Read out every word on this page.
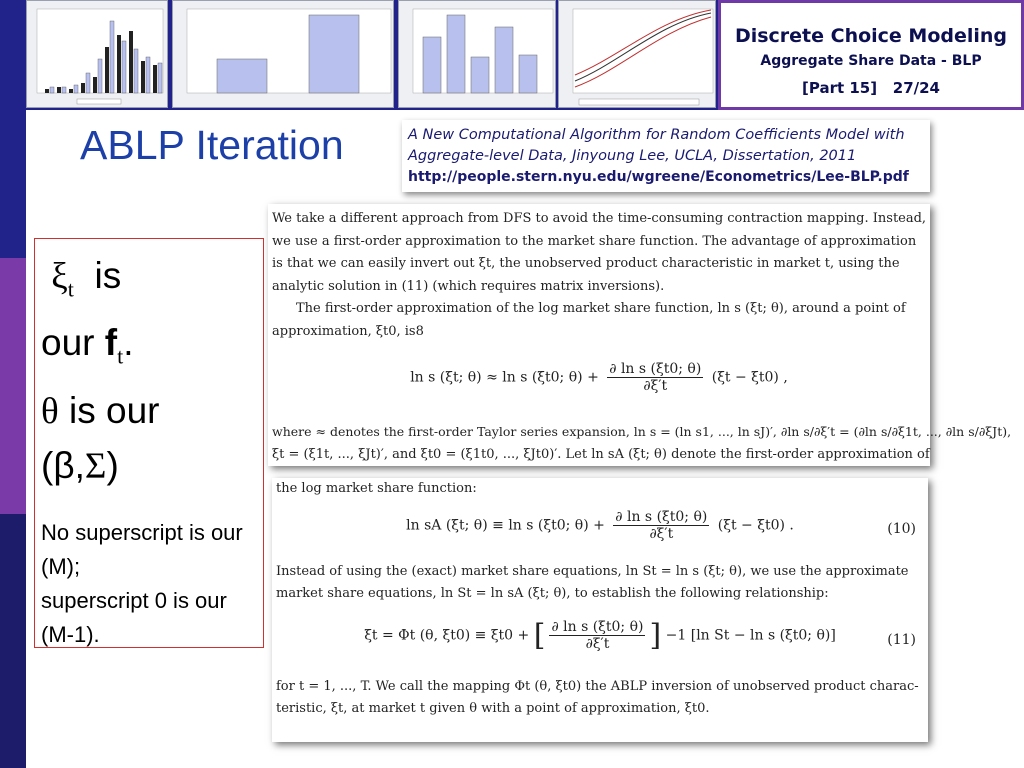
Discrete Choice Modeling
Aggregate Share Data - BLP
[Part 15] 27/24
ABLP Iteration	A New Computational Algorithm for Random Coefficients Model with
Aggregate-level Data, Jinyoung Lee, UCLA, Dissertation, 2011
http://people.stern.nyu.edu/wgreene/Econometrics/Lee-BLP.pdf
$\xi_t$ is
our $f_t$.
θ is our
(β,Σ)
No superscript is our (M);
superscript 0 is our (M-1).
We take a different approach from DFS to avoid the time-consuming contraction mapping. Instead,
we use a first-order approximation to the market share function. The advantage of approximation
is that we can easily invert out ξt, the unobserved product characteristic in market t, using the
analytic solution in (11) (which requires matrix inversions).
The first-order approximation of the log market share function, ln s (ξt; θ), around a point of
approximation, ξt0, is8
ln s (ξt; θ) ≈ ln s (ξt0; $\theta) + \frac{\text{∂ ln s (ξt0; θ)}}{\partial\xi't} (\xi t - \xi t0)$ ,
where ≈ denotes the first-order Taylor series expansion, ln s = (ln s1, ..., ln sJ)′, ∂ln s/∂ξ′t = (∂ln s/∂ξ1t, ..., ∂ln s/∂ξJt),
ξt = (ξ1t, ..., ξJt)′, and ξt0 = (ξ1t0, ..., ξJt0)′. Let ln sA (ξt; θ) denote the first-order approximation of
the log market share function:
ln sA (ξt; θ) ≡ ln s (ξt0; $\theta) + \frac{\text{∂ ln s (ξt0; θ)}}{\partial\xi't} (\xi t - \xi t0)$ .	(10)
Instead of using the (exact) market share equations, ln St = ln s (ξt; θ), we use the approximate
market share equations, ln St = ln sA (ξt; θ), to establish the following relationship:
ξt = Φt (θ, ξt0) ≡ ξt0 + [ $\frac{\text{∂ ln s (ξt0; θ)}}{\partial\xi't}$ ] −1 [ln St − ln s (ξt0; θ)]	(11)
for t = 1, ..., T. We call the mapping Φt (θ, ξt0) the ABLP inversion of unobserved product charac-
teristic, ξt, at market t given θ with a point of approximation, ξt0.
